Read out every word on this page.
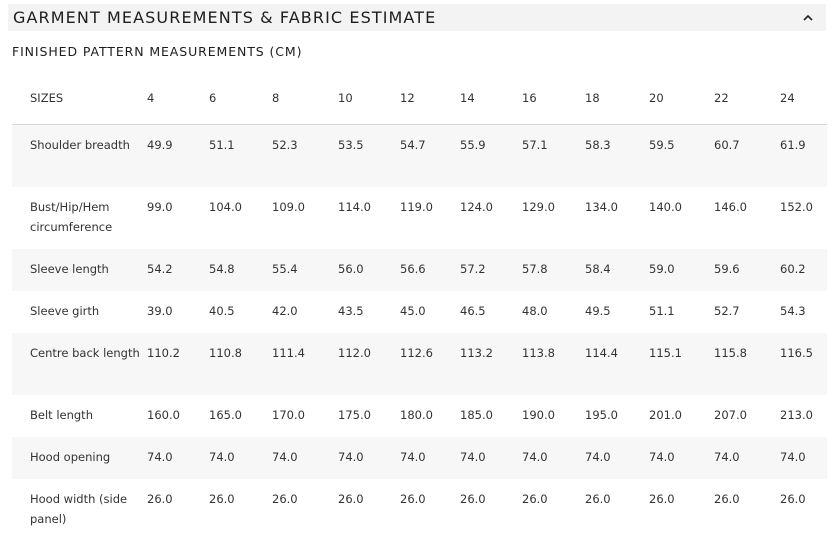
GARMENT MEASUREMENTS & FABRIC ESTIMATE
FINISHED PATTERN MEASUREMENTS (CM)
SIZES	4	6	8	10	12	14	16	18	20	22	24
Shoulder breadth	49.9	51.1	52.3	53.5	54.7	55.9	57.1	58.3	59.5	60.7	61.9
Bust/Hip/Hem circumference	99.0	104.0	109.0	114.0	119.0	124.0	129.0	134.0	140.0	146.0	152.0
Sleeve length	54.2	54.8	55.4	56.0	56.6	57.2	57.8	58.4	59.0	59.6	60.2
Sleeve girth	39.0	40.5	42.0	43.5	45.0	46.5	48.0	49.5	51.1	52.7	54.3
Centre back length	110.2	110.8	111.4	112.0	112.6	113.2	113.8	114.4	115.1	115.8	116.5
Belt length	160.0	165.0	170.0	175.0	180.0	185.0	190.0	195.0	201.0	207.0	213.0
Hood opening	74.0	74.0	74.0	74.0	74.0	74.0	74.0	74.0	74.0	74.0	74.0
Hood width (side panel)	26.0	26.0	26.0	26.0	26.0	26.0	26.0	26.0	26.0	26.0	26.0
